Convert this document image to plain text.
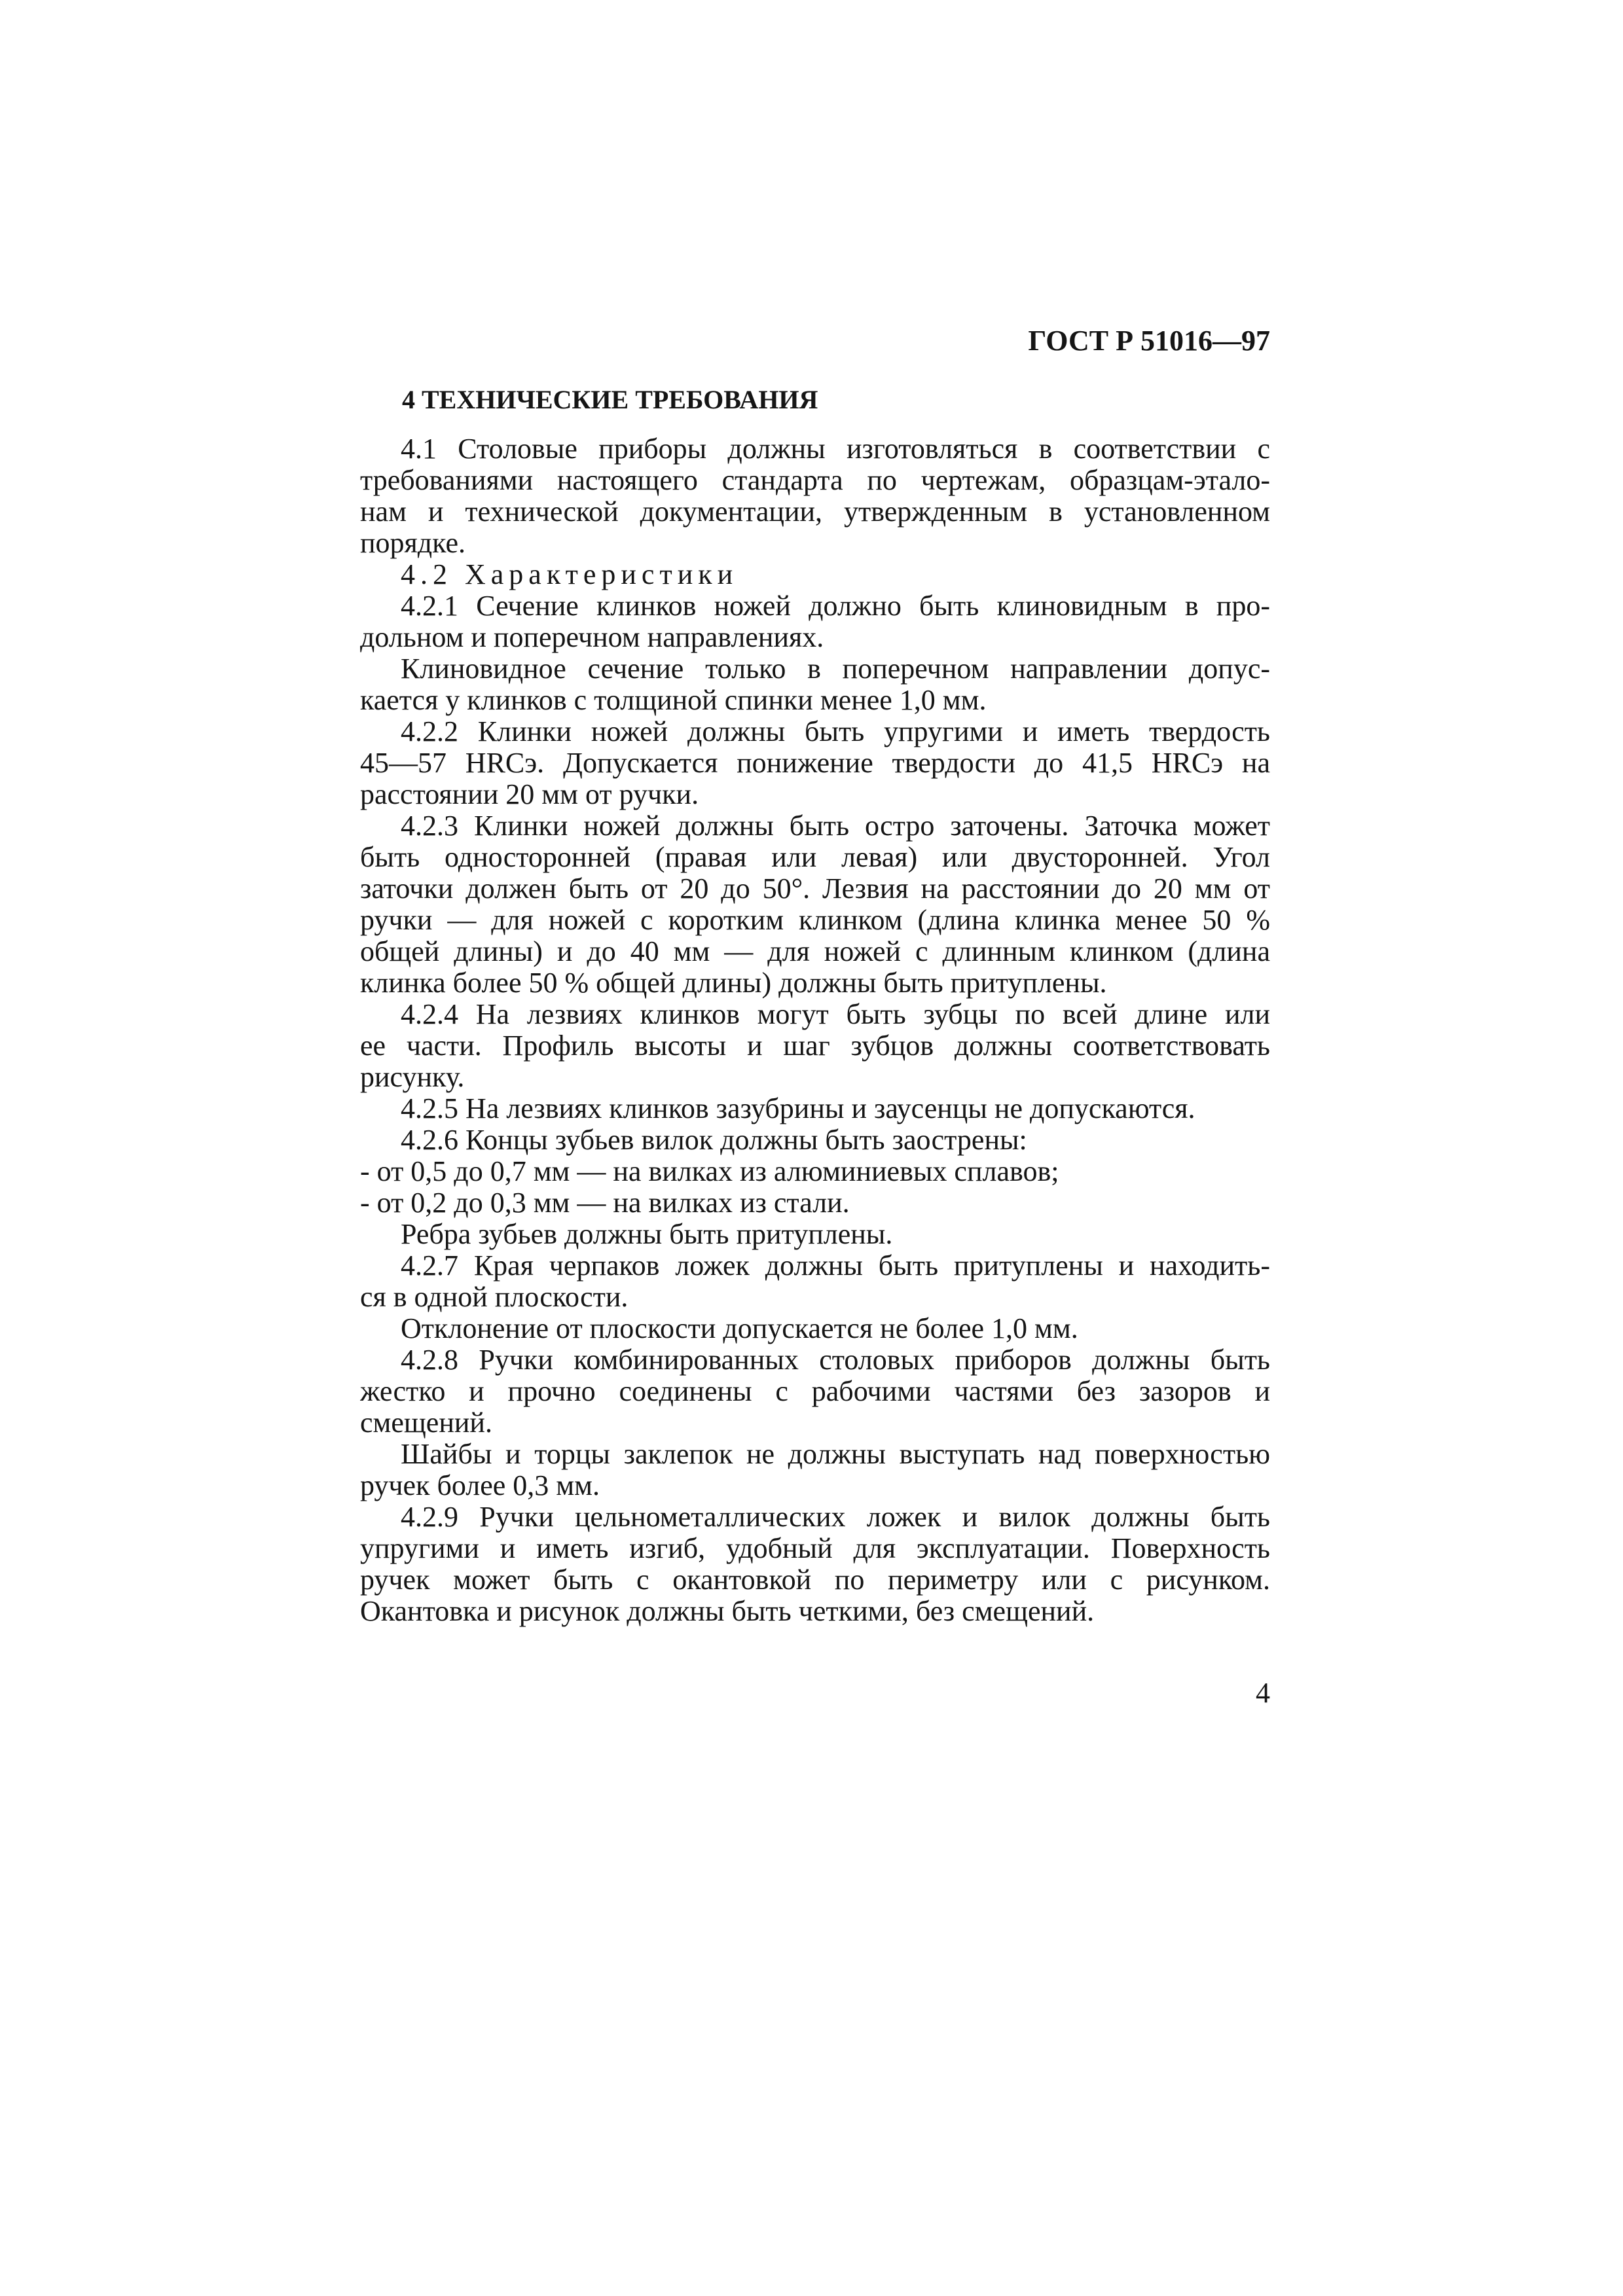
ГОСТ Р 51016—97
4 ТЕХНИЧЕСКИЕ ТРЕБОВАНИЯ
4.1 Столовые приборы должны изготовляться в соответствии с
требованиями настоящего стандарта по чертежам, образцам-этало-
нам и технической документации, утвержденным в установленном
порядке.
4.2 Характеристики
4.2.1 Сечение клинков ножей должно быть клиновидным в про-
дольном и поперечном направлениях.
Клиновидное сечение только в поперечном направлении допус-
кается у клинков с толщиной спинки менее 1,0 мм.
4.2.2 Клинки ножей должны быть упругими и иметь твердость
45—57 HRCэ. Допускается понижение твердости до 41,5 HRCэ на
расстоянии 20 мм от ручки.
4.2.3 Клинки ножей должны быть остро заточены. Заточка может
быть односторонней (правая или левая) или двусторонней. Угол
заточки должен быть от 20 до 50°. Лезвия на расстоянии до 20 мм от
ручки — для ножей с коротким клинком (длина клинка менее 50 %
общей длины) и до 40 мм — для ножей с длинным клинком (длина
клинка более 50 % общей длины) должны быть притуплены.
4.2.4 На лезвиях клинков могут быть зубцы по всей длине или
ее части. Профиль высоты и шаг зубцов должны соответствовать
рисунку.
4.2.5 На лезвиях клинков зазубрины и заусенцы не допускаются.
4.2.6 Концы зубьев вилок должны быть заострены:
- от 0,5 до 0,7 мм — на вилках из алюминиевых сплавов;
- от 0,2 до 0,3 мм — на вилках из стали.
Ребра зубьев должны быть притуплены.
4.2.7 Края черпаков ложек должны быть притуплены и находить-
ся в одной плоскости.
Отклонение от плоскости допускается не более 1,0 мм.
4.2.8 Ручки комбинированных столовых приборов должны быть
жестко и прочно соединены с рабочими частями без зазоров и
смещений.
Шайбы и торцы заклепок не должны выступать над поверхностью
ручек более 0,3 мм.
4.2.9 Ручки цельнометаллических ложек и вилок должны быть
упругими и иметь изгиб, удобный для эксплуатации. Поверхность
ручек может быть с окантовкой по периметру или с рисунком.
Окантовка и рисунок должны быть четкими, без смещений.
4
